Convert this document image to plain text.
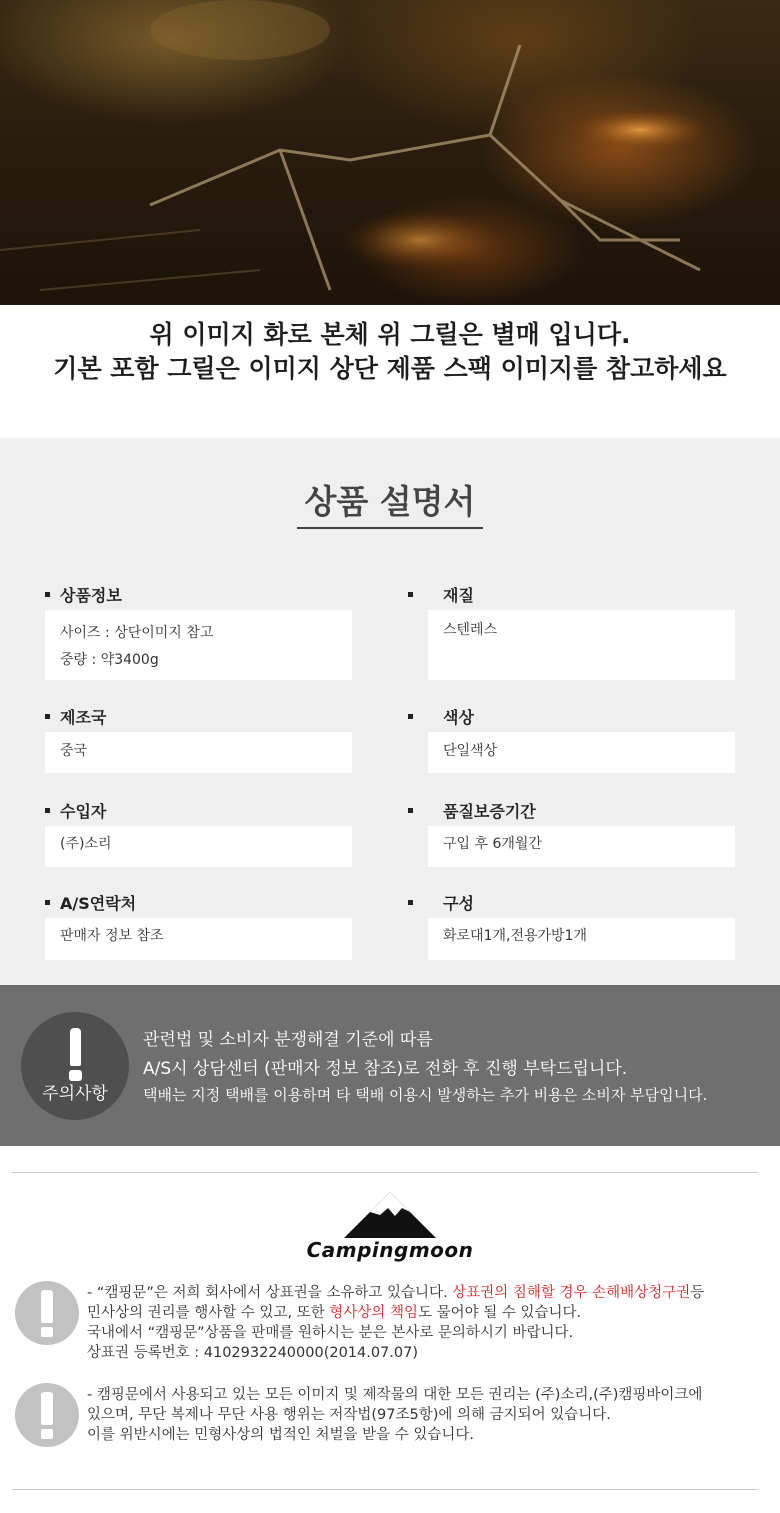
위 이미지 화로 본체 위 그릴은 별매 입니다.
기본 포함 그릴은 이미지 상단 제품 스팩 이미지를 참고하세요
상품 설명서
상품정보
사이즈 : 상단이미지 참고
중량 : 약3400g
재질
스텐레스
제조국
중국
색상
단일색상
수입자
(주)소리
품질보증기간
구입 후 6개월간
A/S연락처
판매자 정보 참조
구성
화로대1개,전용가방1개
주의사항
관련법 및 소비자 분쟁해결 기준에 따름
A/S시 상담센터 (판매자 정보 참조)로 전화 후 진행 부탁드립니다.
택배는 지정 택배를 이용하며 타 택배 이용시 발생하는 추가 비용은 소비자 부담입니다.
Campingmoon
- “캠핑문”은 저희 회사에서 상표권을 소유하고 있습니다. 상표권의 침해할 경우 손해배상청구권등
민사상의 권리를 행사할 수 있고, 또한 형사상의 책임도 물어야 될 수 있습니다.
국내에서 “캠핑문”상품을 판매를 원하시는 분은 본사로 문의하시기 바랍니다.
상표권 등록번호 : 4102932240000(2014.07.07)
- 캠핑문에서 사용되고 있는 모든 이미지 및 제작물의 대한 모든 권리는 (주)소리,(주)캠핑바이크에
있으며, 무단 복제나 무단 사용 행위는 저작법(97조5항)에 의해 금지되어 있습니다.
이를 위반시에는 민형사상의 법적인 처벌을 받을 수 있습니다.
